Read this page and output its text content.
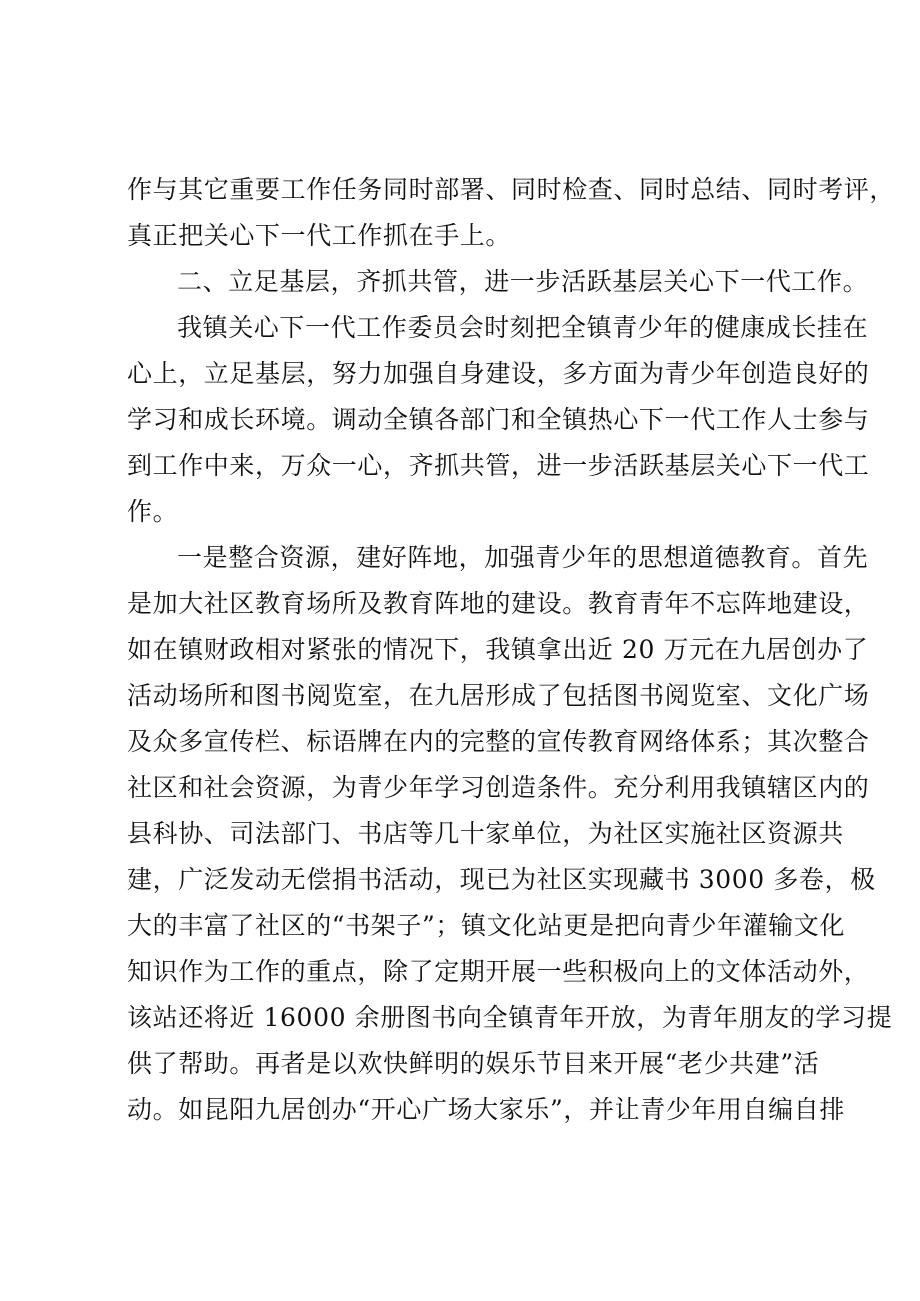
作与其它重要工作任务同时部署、同时检查、同时总结、同时考评，
真正把关心下一代工作抓在手上。
二、立足基层，齐抓共管，进一步活跃基层关心下一代工作。
我镇关心下一代工作委员会时刻把全镇青少年的健康成长挂在
心上，立足基层，努力加强自身建设，多方面为青少年创造良好的
学习和成长环境。调动全镇各部门和全镇热心下一代工作人士参与
到工作中来，万众一心，齐抓共管，进一步活跃基层关心下一代工
作。
一是整合资源，建好阵地，加强青少年的思想道德教育。首先
是加大社区教育场所及教育阵地的建设。教育青年不忘阵地建设，
如在镇财政相对紧张的情况下，我镇拿出近 20 万元在九居创办了
活动场所和图书阅览室，在九居形成了包括图书阅览室、文化广场
及众多宣传栏、标语牌在内的完整的宣传教育网络体系；其次整合
社区和社会资源，为青少年学习创造条件。充分利用我镇辖区内的
县科协、司法部门、书店等几十家单位，为社区实施社区资源共
建，广泛发动无偿捐书活动，现已为社区实现藏书 3000 多卷，极
大的丰富了社区的“书架子”；镇文化站更是把向青少年灌输文化
知识作为工作的重点，除了定期开展一些积极向上的文体活动外，
该站还将近 16000 余册图书向全镇青年开放，为青年朋友的学习提
供了帮助。再者是以欢快鲜明的娱乐节目来开展“老少共建”活
动。如昆阳九居创办“开心广场大家乐”，并让青少年用自编自排
